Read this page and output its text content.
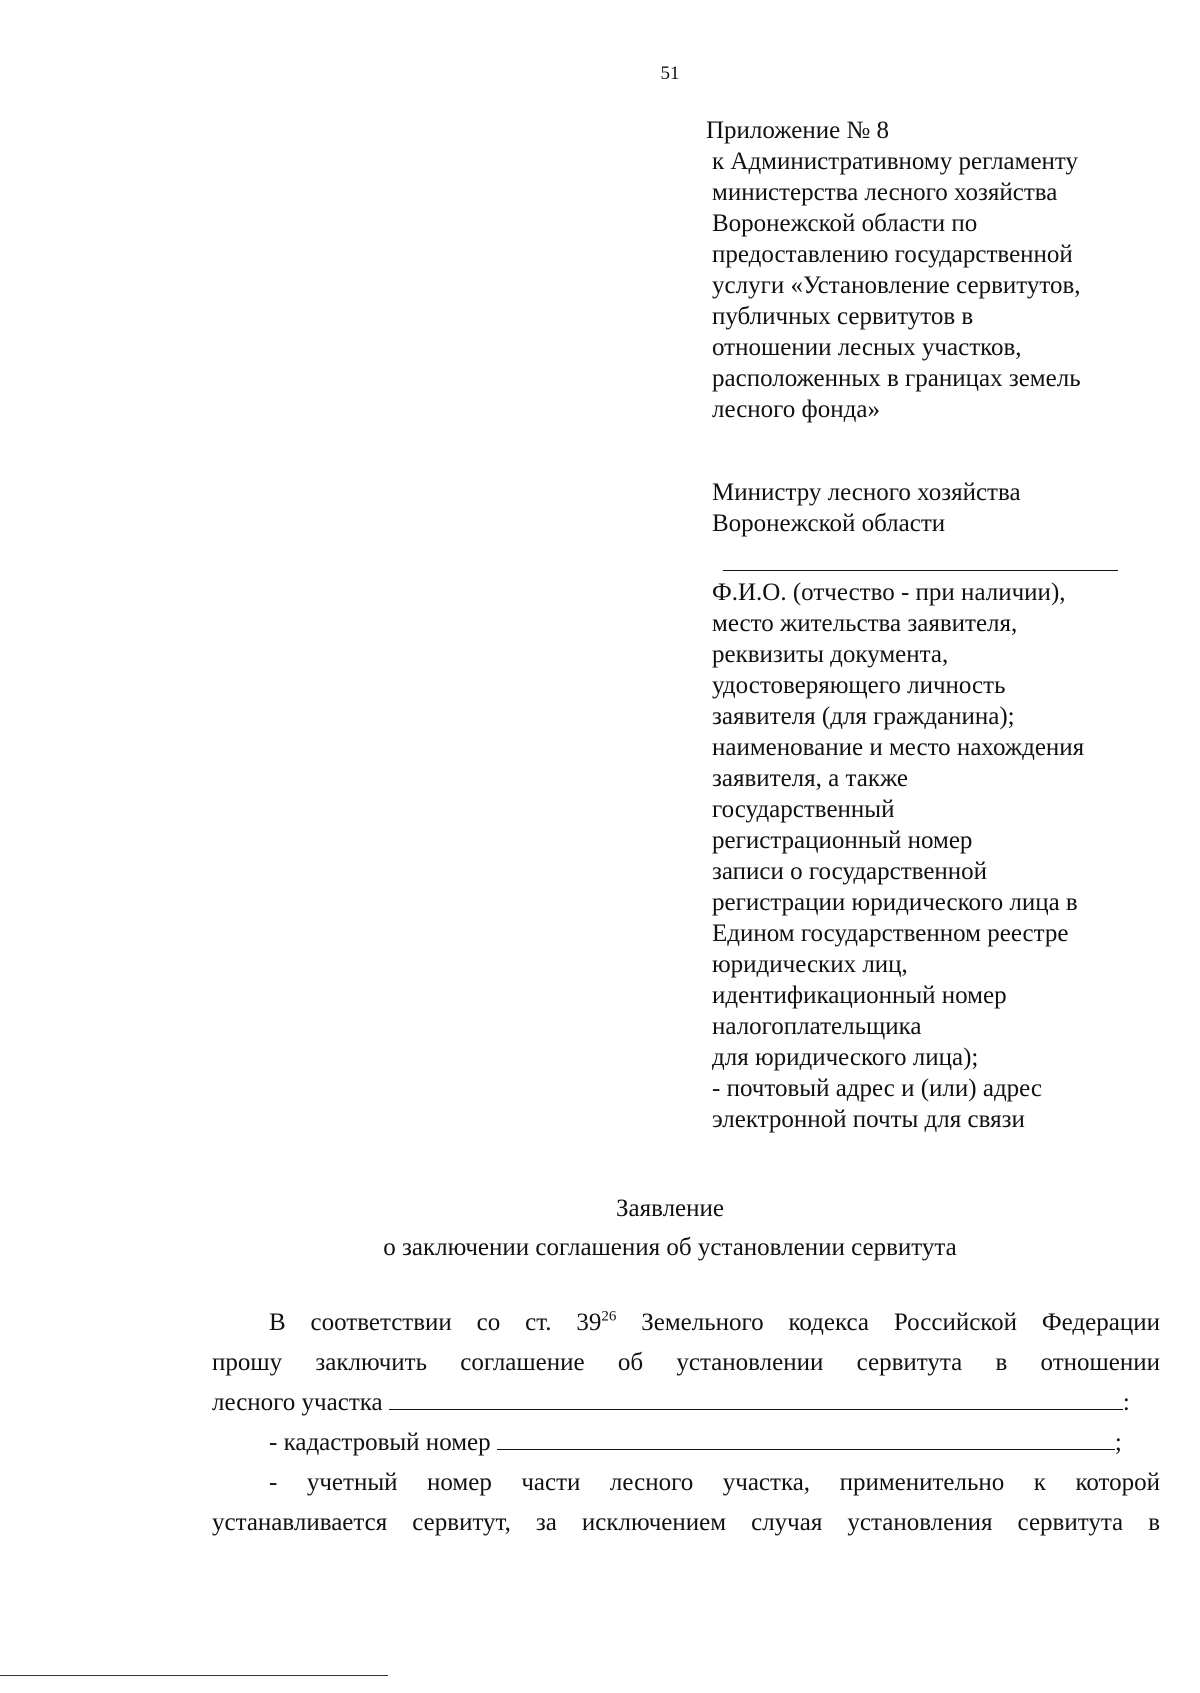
51
Приложение № 8
к Административному регламенту
министерства лесного хозяйства
Воронежской области по
предоставлению государственной
услуги «Установление сервитутов,
публичных сервитутов в
отношении лесных участков,
расположенных в границах земель
лесного фонда»
Министру лесного хозяйства
Воронежской области
Ф.И.О. (отчество - при наличии),
место жительства заявителя,
реквизиты документа,
удостоверяющего личность
заявителя (для гражданина);
наименование и место нахождения
заявителя, а также
государственный
регистрационный номер
записи о государственной
регистрации юридического лица в
Едином государственном реестре
юридических лиц,
идентификационный номер
налогоплательщика
для юридического лица);
- почтовый адрес и (или) адрес
электронной почты для связи
Заявление
о заключении соглашения об установлении сервитута
В соответствии со ст. $39^{26}$ Земельного кодекса Российской Федерации
прошу заключить соглашение об установлении сервитута в отношении
лесного участка	:
- кадастровый номер	;
- учетный номер части лесного участка, применительно к которой
устанавливается сервитут, за исключением случая установления сервитута в
